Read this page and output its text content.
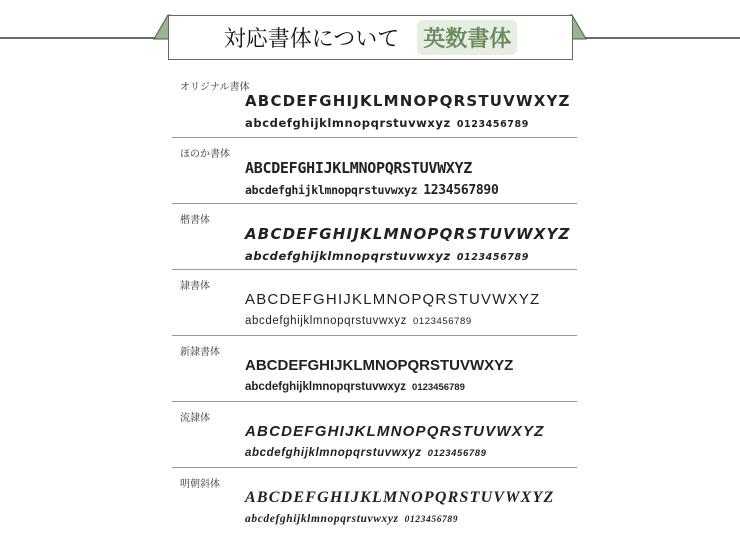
対応書体について 英数書体
オリジナル書体
ABCDEFGHIJKLMNOPQRSTUVWXYZ
abcdefghijklmnopqrstuvwxyz 0123456789
ほのか書体
ABCDEFGHIJKLMNOPQRSTUVWXYZ
abcdefghijklmnopqrstuvwxyz 1234567890
楷書体
ABCDEFGHIJKLMNOPQRSTUVWXYZ
abcdefghijklmnopqrstuvwxyz 0123456789
隷書体
ABCDEFGHIJKLMNOPQRSTUVWXYZ
abcdefghijklmnopqrstuvwxyz 0123456789
新隷書体
ABCDEFGHIJKLMNOPQRSTUVWXYZ
abcdefghijklmnopqrstuvwxyz 0123456789
流隷体
ABCDEFGHIJKLMNOPQRSTUVWXYZ
abcdefghijklmnopqrstuvwxyz 0123456789
明朝斜体
ABCDEFGHIJKLMNOPQRSTUVWXYZ
abcdefghijklmnopqrstuvwxyz 0123456789
